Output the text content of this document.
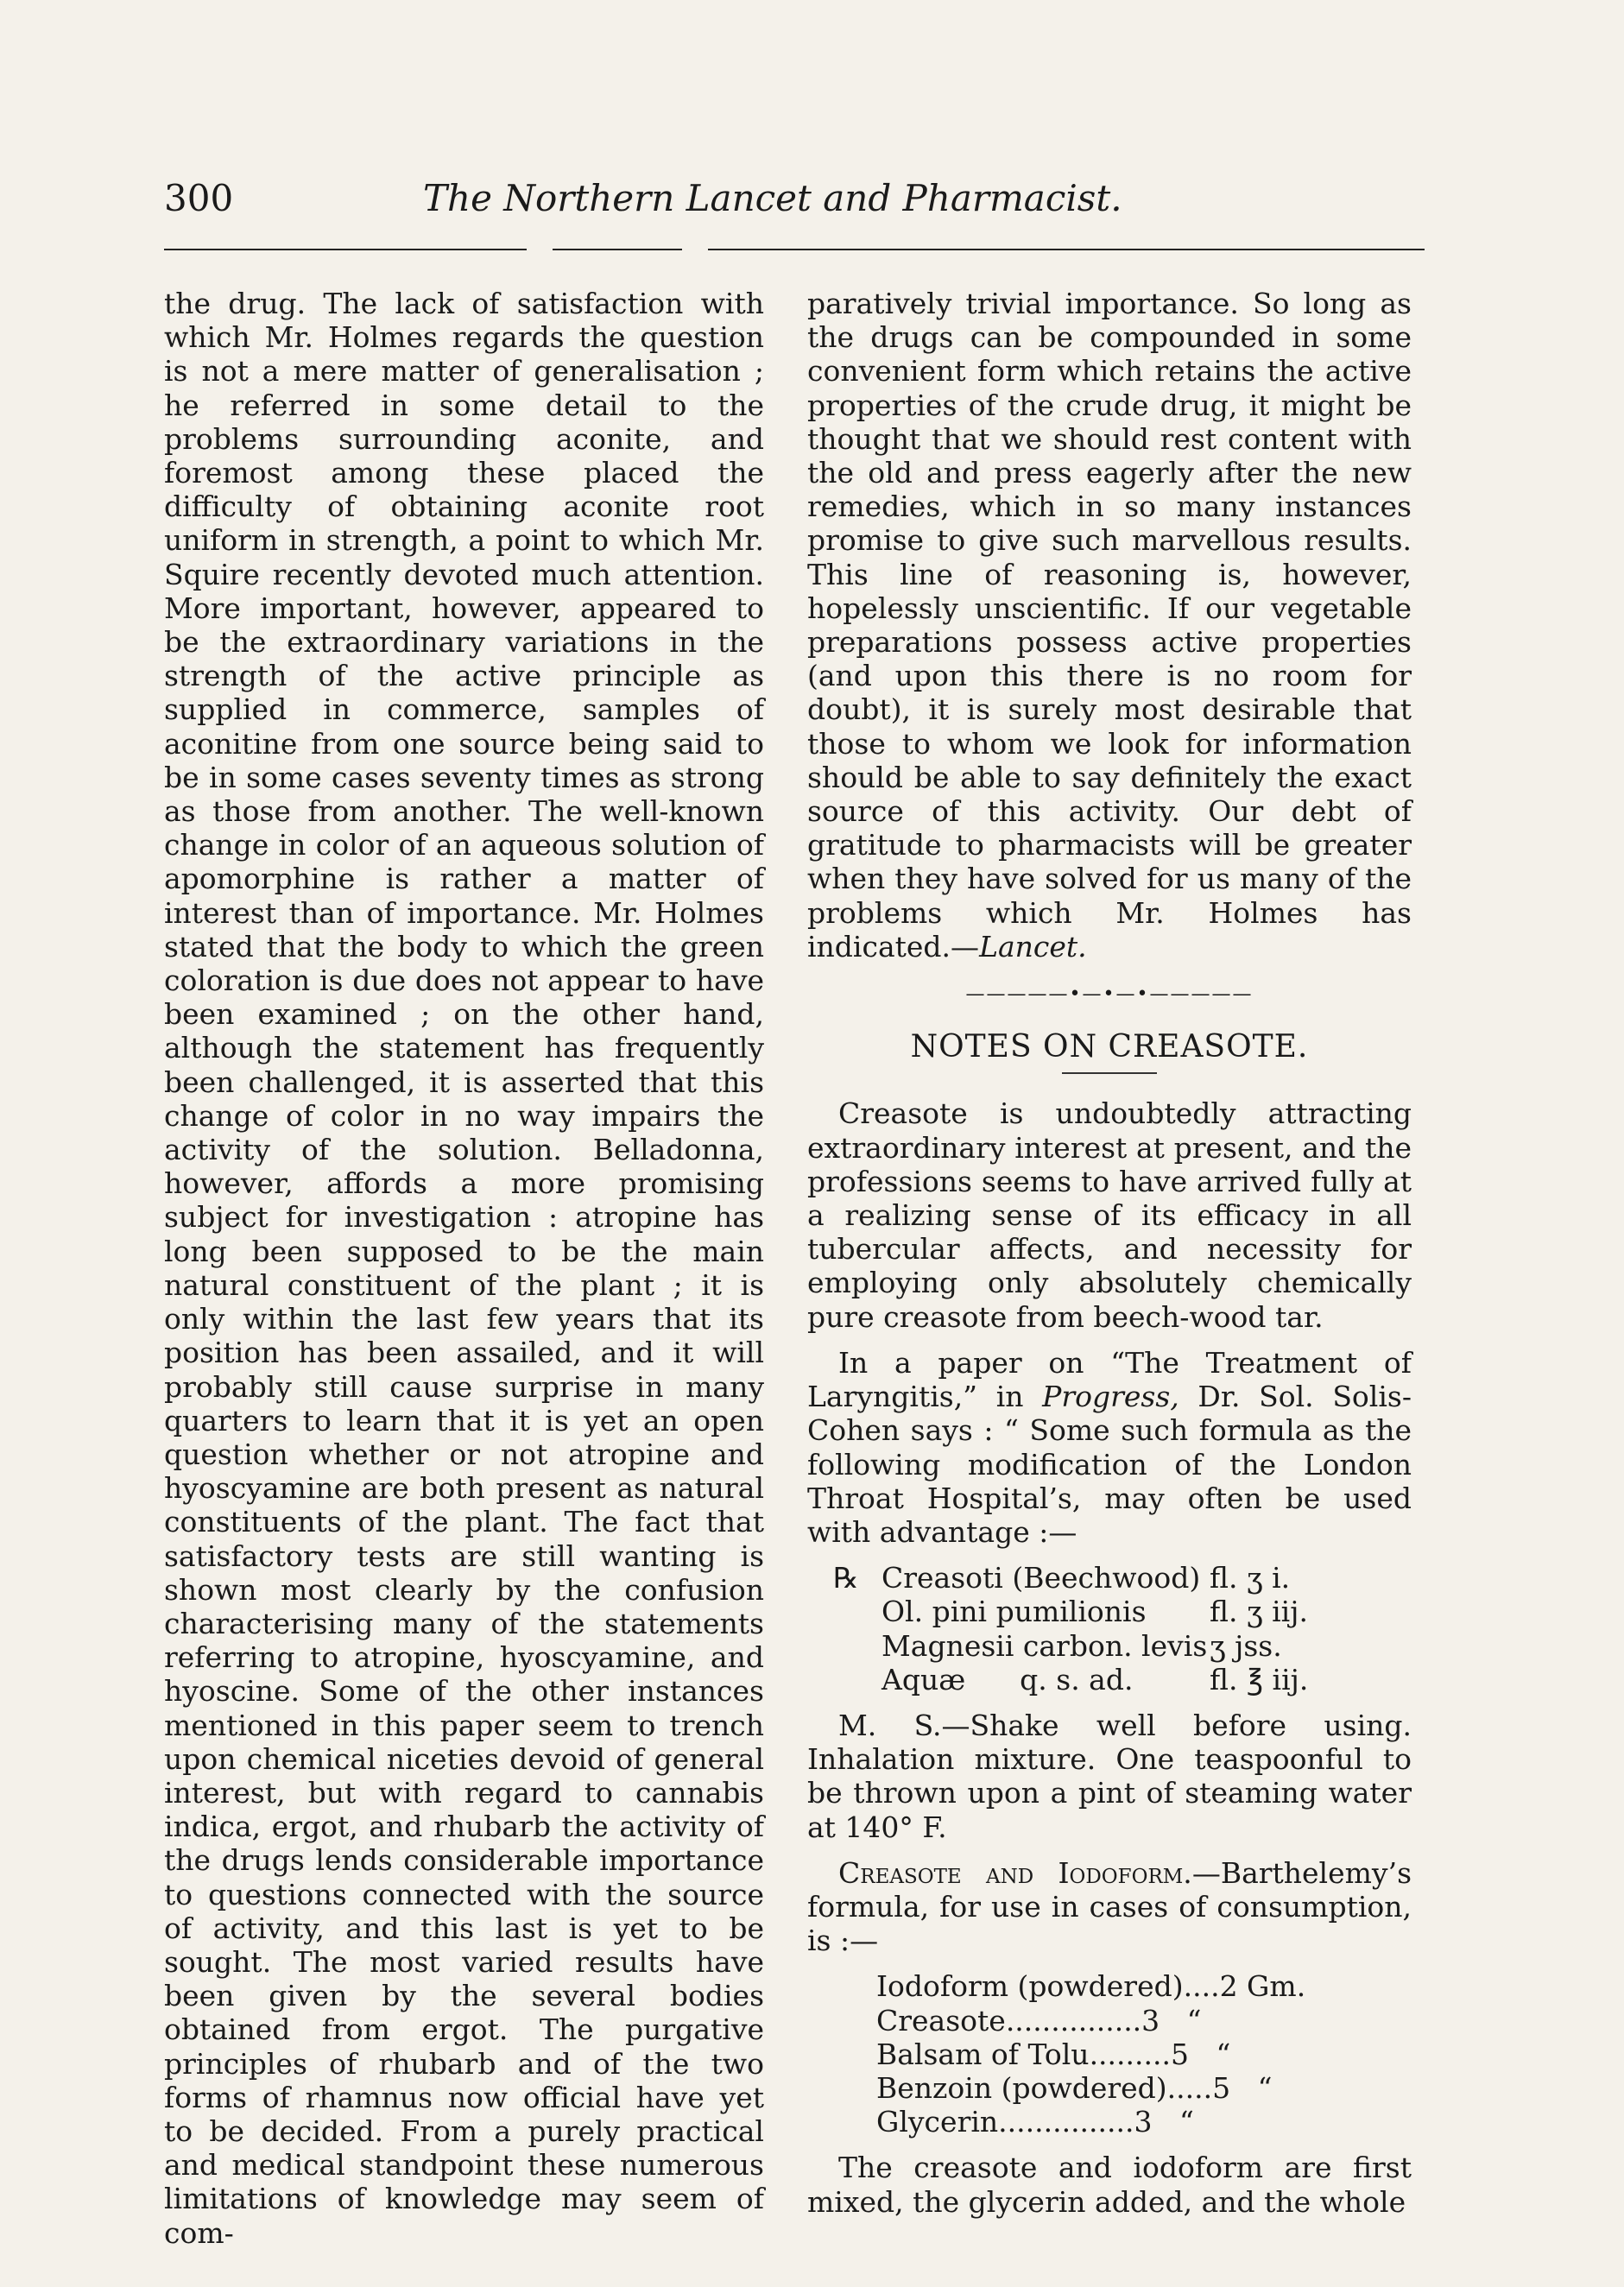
300	The Northern Lancet and Pharmacist.

the drug. The lack of satisfaction with which Mr. Holmes regards the question is not a mere matter of generalisation ; he referred in some detail to the problems surrounding aconite, and foremost among these placed the difficulty of obtaining aconite root uniform in strength, a point to which Mr. Squire recently devoted much attention. More important, however, appeared to be the extraordinary variations in the strength of the active principle as supplied in commerce, samples of aconitine from one source being said to be in some cases seventy times as strong as those from another. The well-known change in color of an aqueous solution of apomorphine is rather a matter of interest than of importance. Mr. Holmes stated that the body to which the green coloration is due does not appear to have been examined ; on the other hand, although the statement has frequently been challenged, it is asserted that this change of color in no way impairs the activity of the solution. Belladonna, however, affords a more promising subject for investigation : atropine has long been supposed to be the main natural constituent of the plant ; it is only within the last few years that its position has been assailed, and it will probably still cause surprise in many quarters to learn that it is yet an open question whether or not atropine and hyoscyamine are both present as natural constituents of the plant. The fact that satisfactory tests are still wanting is shown most clearly by the confusion characterising many of the statements referring to atropine, hyoscyamine, and hyoscine. Some of the other instances mentioned in this paper seem to trench upon chemical niceties devoid of general interest, but with regard to cannabis indica, ergot, and rhubarb the activity of the drugs lends considerable importance to questions connected with the source of activity, and this last is yet to be sought. The most varied results have been given by the several bodies obtained from ergot. The purgative principles of rhubarb and of the two forms of rhamnus now official have yet to be decided. From a purely practical and medical standpoint these numerous limitations of knowledge may seem of com-

paratively trivial importance. So long as the drugs can be compounded in some convenient form which retains the active properties of the crude drug, it might be thought that we should rest content with the old and press eagerly after the new remedies, which in so many instances promise to give such marvellous results. This line of reasoning is, however, hopelessly unscientific. If our vegetable preparations possess active properties (and upon this there is no room for doubt), it is surely most desirable that those to whom we look for information should be able to say definitely the exact source of this activity. Our debt of gratitude to pharmacists will be greater when they have solved for us many of the problems which Mr. Holmes has indicated.—Lancet.

—————•—•—•—————
NOTES ON CREASOTE.

Creasote is undoubtedly attracting extraordinary interest at present, and the professions seems to have arrived fully at a realizing sense of its efficacy in all tubercular affects, and necessity for employing only absolutely chemically pure creasote from beech-wood tar.

In a paper on “The Treatment of Laryngitis,” in Progress, Dr. Sol. Solis-Cohen says : “ Some such formula as the following modification of the London Throat Hospital’s, may often be used with advantage :—

℞ Creasoti (Beechwood) fl. ʒ i.
Ol. pini pumilionis	fl. ʒ iij.
Magnesii carbon. levis ʒ jss.
Aquæ      q. s. ad.	fl. ℥ iij.

M. S.—Shake well before using. Inhalation mixture. One teaspoonful to be thrown upon a pint of steaming water at 140° F.

Creasote and Iodoform.—Barthelemy’s formula, for use in cases of consumption, is :—

Iodoform (powdered)....2 Gm.
Creasote...............3   “
Balsam of Tolu.........5   “
Benzoin (powdered).....5   “
Glycerin...............3   “

The creasote and iodoform are first mixed, the glycerin added, and the whole
